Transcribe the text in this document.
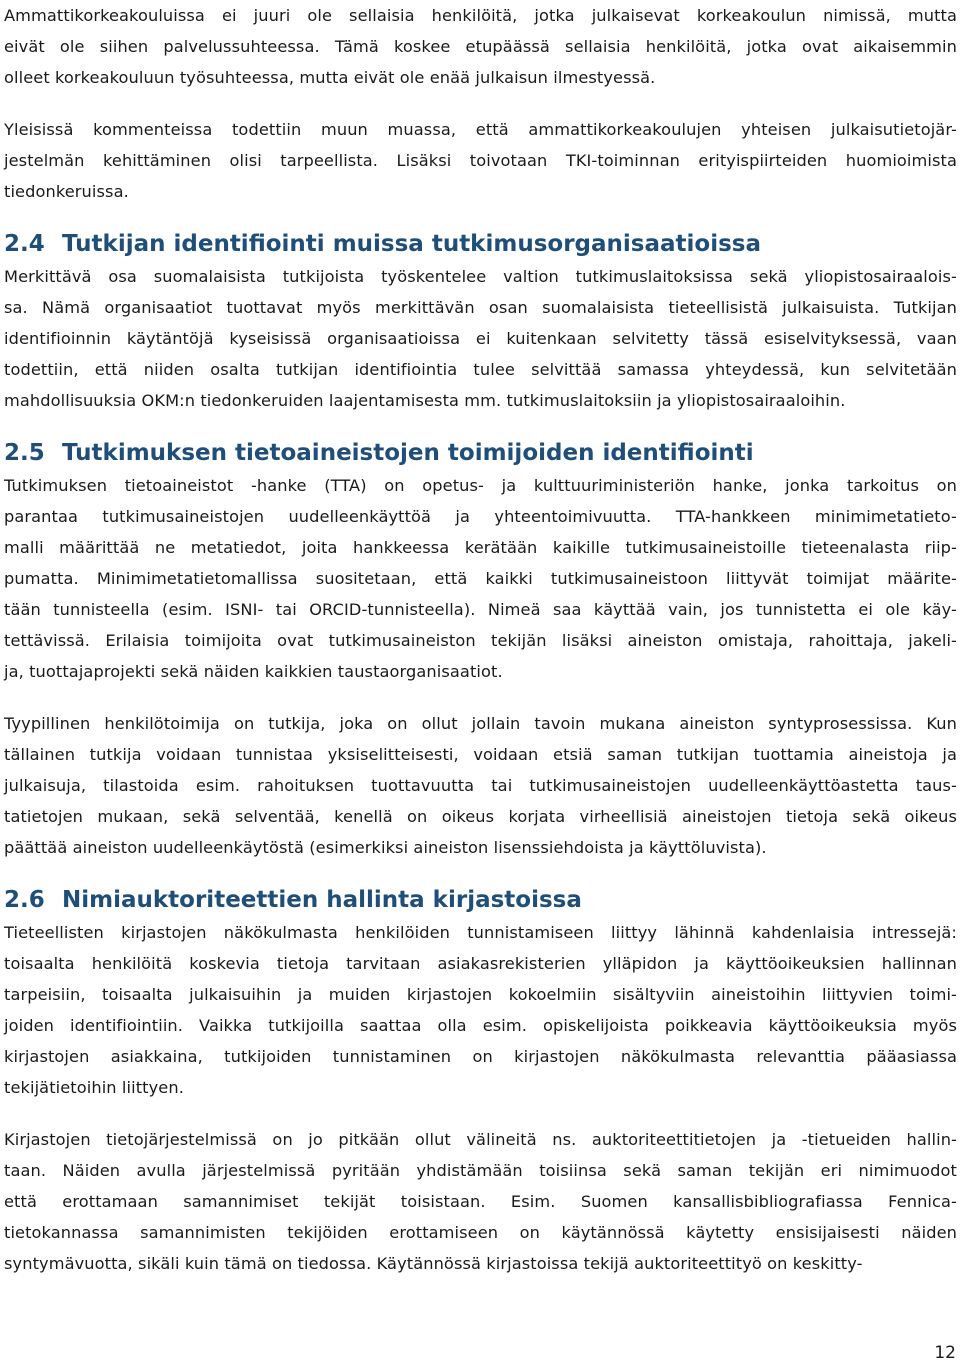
Ammattikorkeakouluissa ei juuri ole sellaisia henkilöitä, jotka julkaisevat korkeakoulun nimissä, mutta
eivät ole siihen palvelussuhteessa. Tämä koskee etupäässä sellaisia henkilöitä, jotka ovat aikaisemmin
olleet korkeakouluun työsuhteessa, mutta eivät ole enää julkaisun ilmestyessä.
Yleisissä kommenteissa todettiin muun muassa, että ammattikorkeakoulujen yhteisen julkaisutietojär-
jestelmän kehittäminen olisi tarpeellista. Lisäksi toivotaan TKI-toiminnan erityispiirteiden huomioimista
tiedonkeruissa.
2.4 Tutkijan identifiointi muissa tutkimusorganisaatioissa
Merkittävä osa suomalaisista tutkijoista työskentelee valtion tutkimuslaitoksissa sekä yliopistosairaalois-
sa. Nämä organisaatiot tuottavat myös merkittävän osan suomalaisista tieteellisistä julkaisuista. Tutkijan
identifioinnin käytäntöjä kyseisissä organisaatioissa ei kuitenkaan selvitetty tässä esiselvityksessä, vaan
todettiin, että niiden osalta tutkijan identifiointia tulee selvittää samassa yhteydessä, kun selvitetään
mahdollisuuksia OKM:n tiedonkeruiden laajentamisesta mm. tutkimuslaitoksiin ja yliopistosairaaloihin.
2.5 Tutkimuksen tietoaineistojen toimijoiden identifiointi
Tutkimuksen tietoaineistot -hanke (TTA) on opetus- ja kulttuuriministeriön hanke, jonka tarkoitus on
parantaa tutkimusaineistojen uudelleenkäyttöä ja yhteentoimivuutta. TTA-hankkeen minimimetatieto-
malli määrittää ne metatiedot, joita hankkeessa kerätään kaikille tutkimusaineistoille tieteenalasta riip-
pumatta. Minimimetatietomallissa suositetaan, että kaikki tutkimusaineistoon liittyvät toimijat määrite-
tään tunnisteella (esim. ISNI- tai ORCID-tunnisteella). Nimeä saa käyttää vain, jos tunnistetta ei ole käy-
tettävissä. Erilaisia toimijoita ovat tutkimusaineiston tekijän lisäksi aineiston omistaja, rahoittaja, jakeli-
ja, tuottajaprojekti sekä näiden kaikkien taustaorganisaatiot.
Tyypillinen henkilötoimija on tutkija, joka on ollut jollain tavoin mukana aineiston syntyprosessissa. Kun
tällainen tutkija voidaan tunnistaa yksiselitteisesti, voidaan etsiä saman tutkijan tuottamia aineistoja ja
julkaisuja, tilastoida esim. rahoituksen tuottavuutta tai tutkimusaineistojen uudelleenkäyttöastetta taus-
tatietojen mukaan, sekä selventää, kenellä on oikeus korjata virheellisiä aineistojen tietoja sekä oikeus
päättää aineiston uudelleenkäytöstä (esimerkiksi aineiston lisenssiehdoista ja käyttöluvista).
2.6 Nimiauktoriteettien hallinta kirjastoissa
Tieteellisten kirjastojen näkökulmasta henkilöiden tunnistamiseen liittyy lähinnä kahdenlaisia intressejä:
toisaalta henkilöitä koskevia tietoja tarvitaan asiakasrekisterien ylläpidon ja käyttöoikeuksien hallinnan
tarpeisiin, toisaalta julkaisuihin ja muiden kirjastojen kokoelmiin sisältyviin aineistoihin liittyvien toimi-
joiden identifiointiin. Vaikka tutkijoilla saattaa olla esim. opiskelijoista poikkeavia käyttöoikeuksia myös
kirjastojen asiakkaina, tutkijoiden tunnistaminen on kirjastojen näkökulmasta relevanttia pääasiassa
tekijätietoihin liittyen.
Kirjastojen tietojärjestelmissä on jo pitkään ollut välineitä ns. auktoriteettitietojen ja -tietueiden hallin-
taan. Näiden avulla järjestelmissä pyritään yhdistämään toisiinsa sekä saman tekijän eri nimimuodot
että erottamaan samannimiset tekijät toisistaan. Esim. Suomen kansallisbibliografiassa Fennica-
tietokannassa samannimisten tekijöiden erottamiseen on käytännössä käytetty ensisijaisesti näiden
syntymävuotta, sikäli kuin tämä on tiedossa. Käytännössä kirjastoissa tekijä auktoriteettityö on keskitty-
12
